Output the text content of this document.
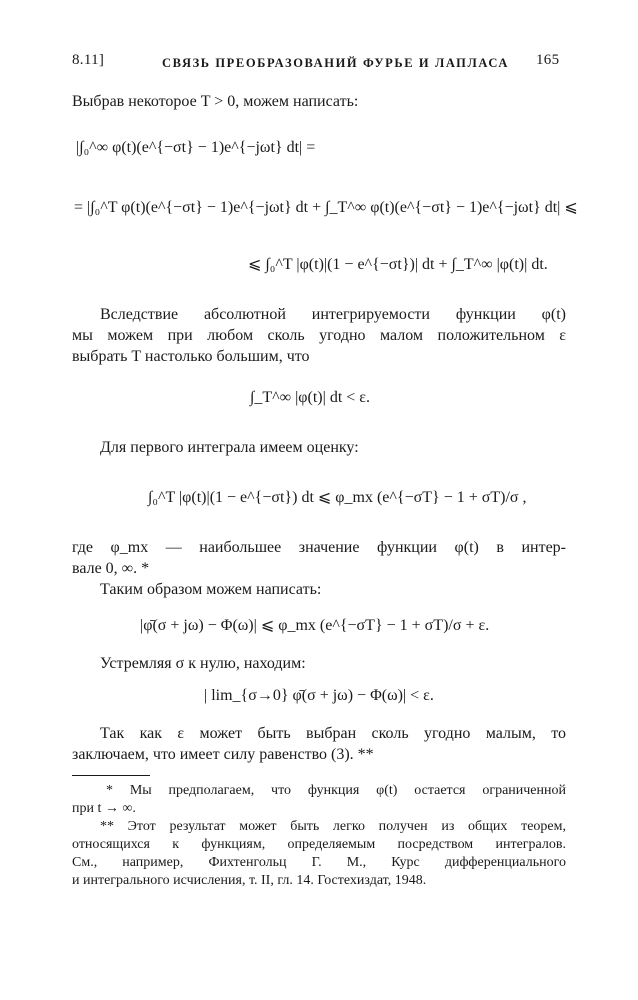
8.11]	СВЯЗЬ ПРЕОБРАЗОВАНИЙ ФУРЬЕ И ЛАПЛАСА 165
Выбрав некоторое T > 0, можем написать:
|∫₀^∞ φ(t)(e^{−σt} − 1)e^{−jωt} dt| =
= |∫₀^T φ(t)(e^{−σt} − 1)e^{−jωt} dt + ∫_T^∞ φ(t)(e^{−σt} − 1)e^{−jωt} dt| ⩽
⩽ ∫₀^T |φ(t)|(1 − e^{−σt})| dt + ∫_T^∞ |φ(t)| dt.
Вследствие абсолютной интегрируемости функции φ(t)
мы можем при любом сколь угодно малом положительном ε
выбрать T настолько большим, что
∫_T^∞ |φ(t)| dt < ε.
Для первого интеграла имеем оценку:
∫₀^T |φ(t)|(1 − e^{−σt}) dt ⩽ φ_mx (e^{−σT} − 1 + σT)/σ ,
где φ_mx — наибольшее значение функции φ(t) в интер-
вале 0, ∞. *
Таким образом можем написать:
|φ̄(σ + jω) − Φ(ω)| ⩽ φ_mx (e^{−σT} − 1 + σT)/σ + ε.
Устремляя σ к нулю, находим:
| lim_{σ→0} φ̄(σ + jω) − Φ(ω)| < ε.
Так как ε может быть выбран сколь угодно малым, то
заключаем, что имеет силу равенство (3). **
* Мы предполагаем, что функция φ(t) остается ограниченной
при t → ∞.
** Этот результат может быть легко получен из общих теорем,
относящихся к функциям, определяемым посредством интегралов.
См., например, Фихтенгольц Г. М., Курс дифференциального
и интегрального исчисления, т. II, гл. 14. Гостехиздат, 1948.
